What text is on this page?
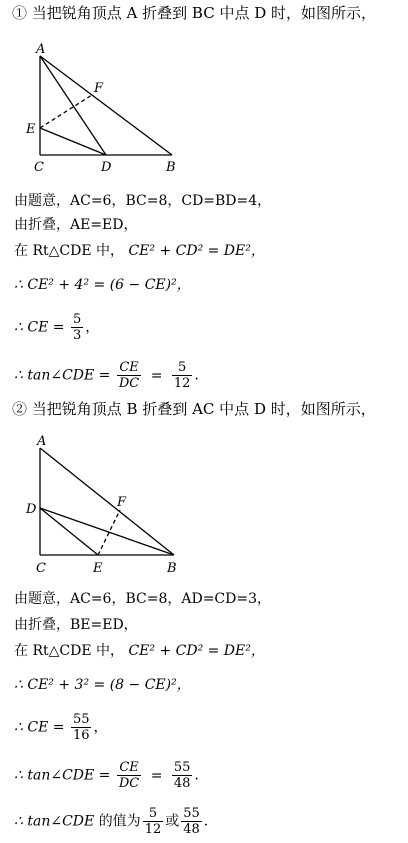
① 当把锐角顶点 A 折叠到 BC 中点 D 时，如图所示，
A
F
E
C	D	B
由题意，AC=6，BC=8，CD=BD=4，
由折叠，AE=ED，
在 Rt△CDE 中， CE² + CD² = DE²，
∴ CE² + 4² = (6 − CE)²，
∴ CE = $\frac{5}{3}$ ，
∴ tan∠CDE = $\frac{CE}{DC} = \frac{5}{12}$ ．
② 当把锐角顶点 B 折叠到 AC 中点 D 时，如图所示，
A
D	F
C	E	B
由题意，AC=6，BC=8，AD=CD=3，
由折叠，BE=ED，
在 Rt△CDE 中， CE² + CD² = DE²，
∴ CE² + 3² = (8 − CE)²，
∴ CE = $\frac{55}{16}$ ，
∴ tan∠CDE = $\frac{CE}{DC} = \frac{55}{48}$ ．
∴ tan∠CDE 的值为 $\frac{5}{12}$ 或 $\frac{55}{48}$ ．
